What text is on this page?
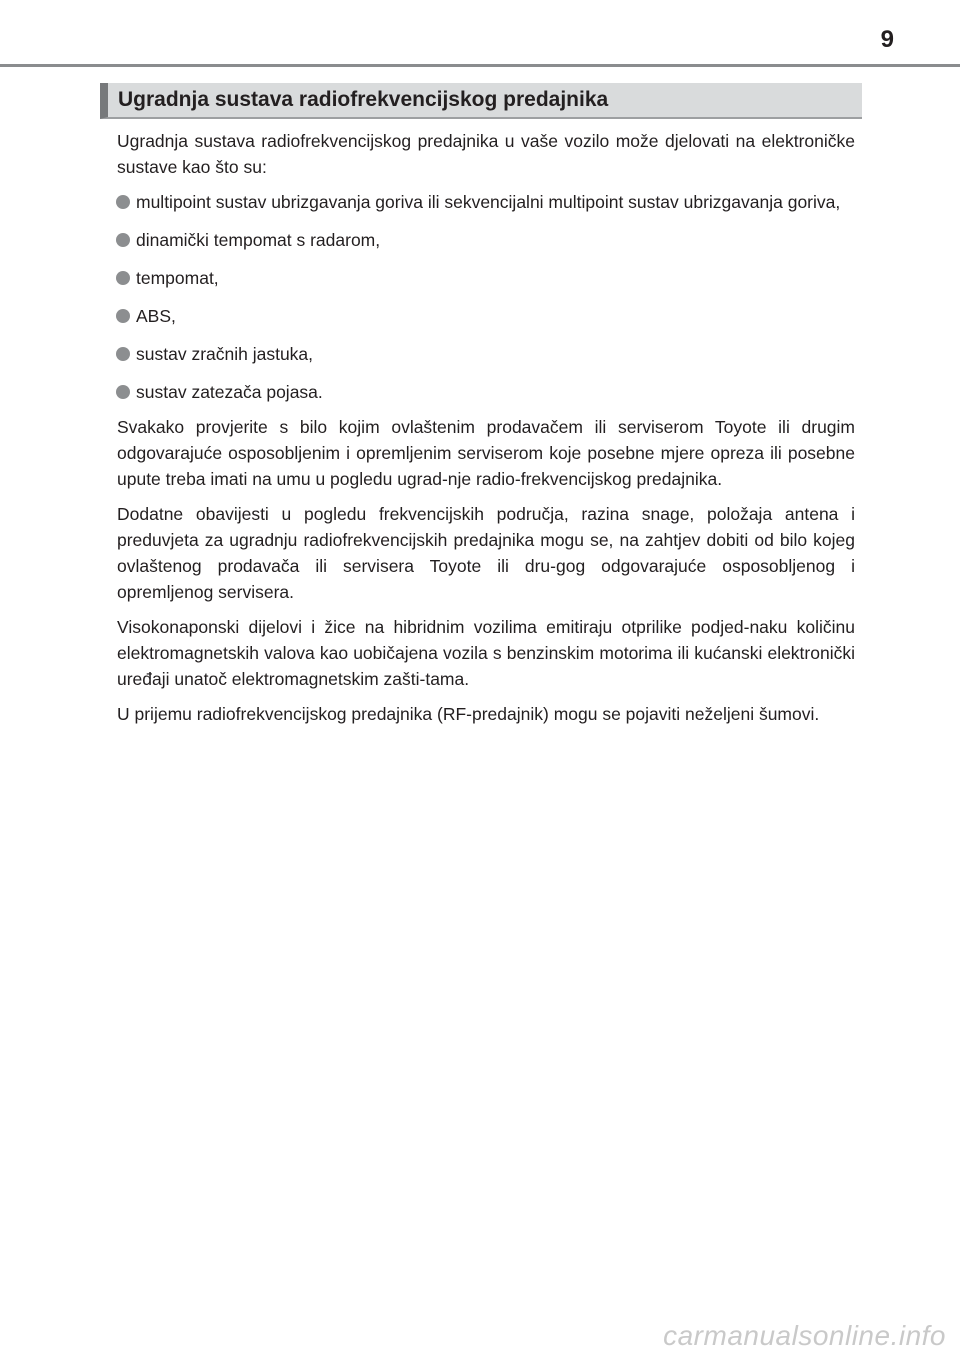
9
Ugradnja sustava radiofrekvencijskog predajnika

Ugradnja sustava radiofrekvencijskog predajnika u vaše vozilo može djelovati na elektroničke sustave kao što su:

multipoint sustav ubrizgavanja goriva ili sekvencijalni multipoint sustav ubrizgavanja goriva,
dinamički tempomat s radarom,
tempomat,
ABS,
sustav zračnih jastuka,
sustav zatezača pojasa.

Svakako provjerite s bilo kojim ovlaštenim prodavačem ili serviserom Toyote ili drugim odgovarajuće osposobljenim i opremljenim serviserom koje posebne mjere opreza ili posebne upute treba imati na umu u pogledu ugrad-nje radio-frekvencijskog predajnika.

Dodatne obavijesti u pogledu frekvencijskih područja, razina snage, položaja antena i preduvjeta za ugradnju radiofrekvencijskih predajnika mogu se, na zahtjev dobiti od bilo kojeg ovlaštenog prodavača ili servisera Toyote ili dru-gog odgovarajuće osposobljenog i opremljenog servisera.

Visokonaponski dijelovi i žice na hibridnim vozilima emitiraju otprilike podjed-naku količinu elektromagnetskih valova kao uobičajena vozila s benzinskim motorima ili kućanski elektronički uređaji unatoč elektromagnetskim zašti-tama.

U prijemu radiofrekvencijskog predajnika (RF-predajnik) mogu se pojaviti neželjeni šumovi.

carmanualsonline.info
